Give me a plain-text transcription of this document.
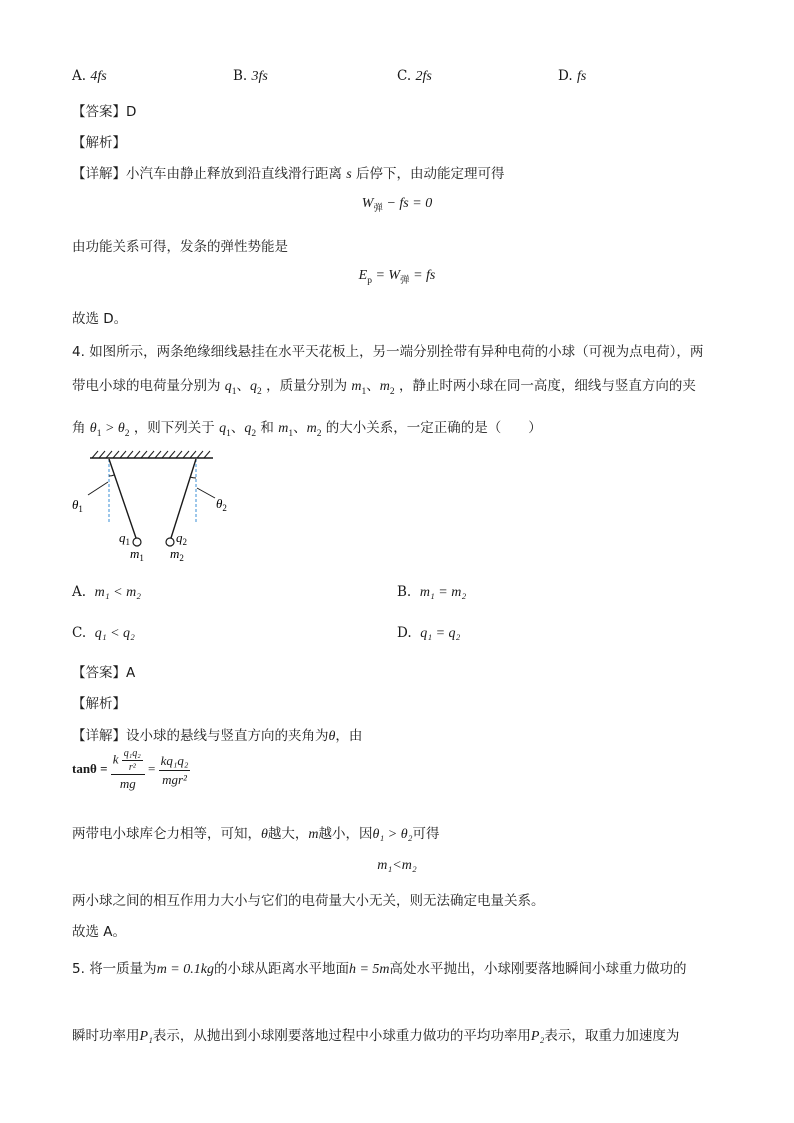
A. 4fs	B. 3fs	C. 2fs	D. fs
【答案】D
【解析】
【详解】小汽车由静止释放到沿直线滑行距离 s 后停下，由动能定理可得
$W_弹$ − fs = 0
由功能关系可得，发条的弹性势能是
$E_p = W_弹$ = fs
故选 D。
4. 如图所示，两条绝缘细线悬挂在水平天花板上，另一端分别拴带有异种电荷的小球（可视为点电荷），两
带电小球的电荷量分别为 $q_1$、$q_2$ ，质量分别为 $m_1$、$m_2$ ，静止时两小球在同一高度，细线与竖直方向的夹
角 $\theta_1 > \theta_2$ ，则下列关于 $q_1$、$q_2$ 和 $m_1$、$m_2$ 的大小关系，一定正确的是（　　）
$\theta_1$	$\theta_2$
$q_1$	$q_2$
$m_1$ $m_2$
A. m₁ < m₂	B. m₁ = m₂
C. q₁ < q₂	D. q₁ = q₂
【答案】A
【解析】
【详解】设小球的悬线与竖直方向的夹角为θ，由
$\tan\theta = \frac{k \frac{\text{q₁q₂}}{\text{r²}}}{mg} = \frac{\text{kq₁q₂}}{\text{mgr²}}$
两带电小球库仑力相等，可知，θ越大，m越小，因θ₁ > θ₂可得
m₁<m₂
两小球之间的相互作用力大小与它们的电荷量大小无关，则无法确定电量关系。
故选 A。
5. 将一质量为m = 0.1kg的小球从距离水平地面h = 5m高处水平抛出，小球刚要落地瞬间小球重力做功的
瞬时功率用P₁表示，从抛出到小球刚要落地过程中小球重力做功的平均功率用P₂表示，取重力加速度为
